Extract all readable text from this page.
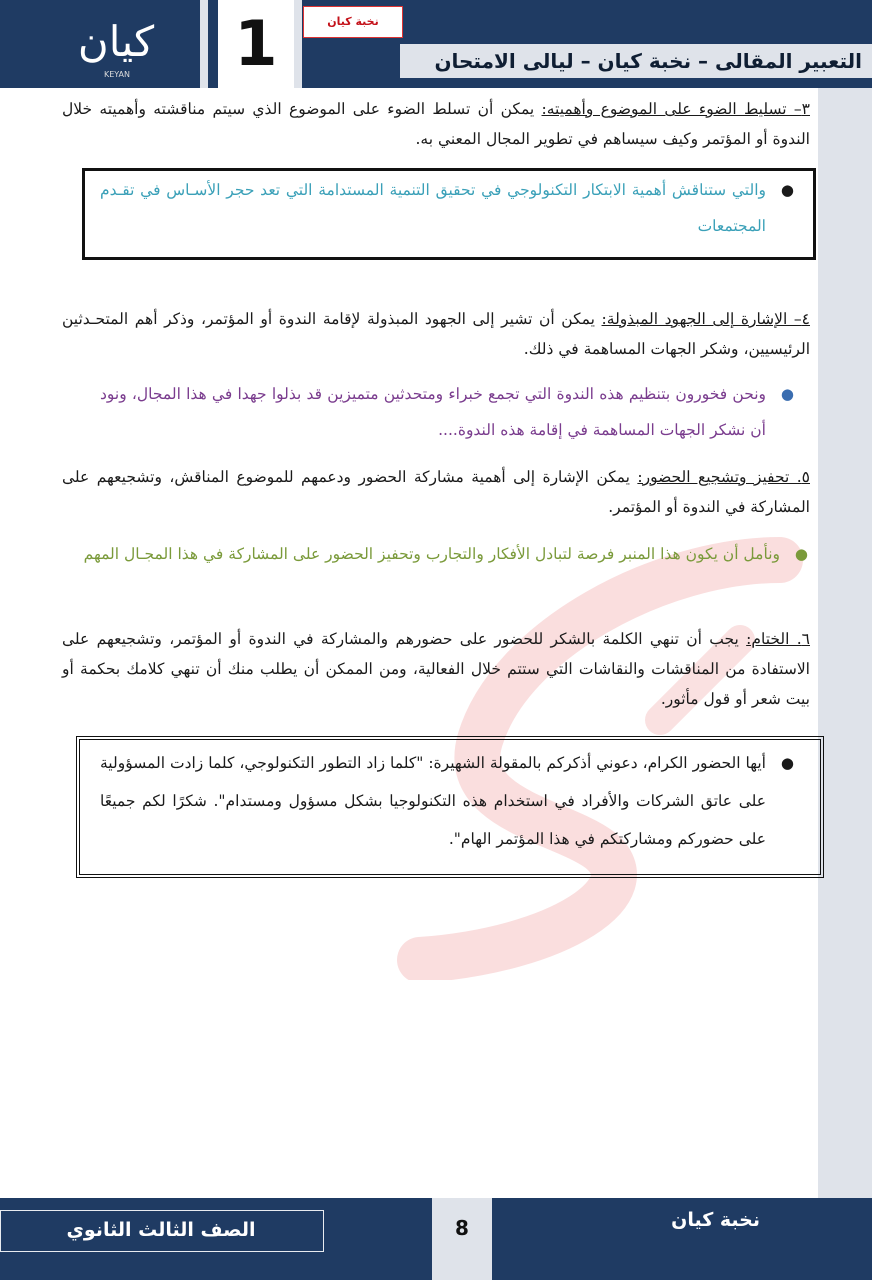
كيان
KEYAN 1	نخبة كيان
التعبير المقالى – نخبة كيان – ليالى الامتحان
٣– تسليط الضوء على الموضوع وأهميته: يمكن أن تسلط الضوء على الموضوع الذي سيتم مناقشته وأهميته خلال الندوة أو المؤتمر وكيف سيساهم في تطوير المجال المعني به.
●
والتي ستناقش أهمية الابتكار التكنولوجي في تحقيق التنمية المستدامة التي تعد حجر الأسـاس في تقـدم المجتمعات
٤– الإشارة إلى الجهود المبذولة: يمكن أن تشير إلى الجهود المبذولة لإقامة الندوة أو المؤتمر، وذكر أهم المتحـدثين الرئيسيين، وشكر الجهات المساهمة في ذلك.
●
ونحن فخورون بتنظيم هذه الندوة التي تجمع خبراء ومتحدثين متميزين قد بذلوا جهدا في هذا المجال، ونود أن نشكر الجهات المساهمة في إقامة هذه الندوة....
٥. تحفيز وتشجيع الحضور: يمكن الإشارة إلى أهمية مشاركة الحضور ودعمهم للموضوع المناقش، وتشجيعهم على المشاركة في الندوة أو المؤتمر.
●
ونأمل أن يكون هذا المنبر فرصة لتبادل الأفكار والتجارب وتحفيز الحضور على المشاركة في هذا المجـال المهم
٦. الختام: يجب أن تنهي الكلمة بالشكر للحضور على حضورهم والمشاركة في الندوة أو المؤتمر، وتشجيعهم على الاستفادة من المناقشات والنقاشات التي ستتم خلال الفعالية، ومن الممكن أن يطلب منك أن تنهي كلامك بحكمة أو بيت شعر أو قول مأثور.
●
أيها الحضور الكرام، دعوني أذكركم بالمقولة الشهيرة: "كلما زاد التطور التكنولوجي، كلما زادت المسؤولية على عاتق الشركات والأفراد في استخدام هذه التكنولوجيا بشكل مسؤول ومستدام". شكرًا لكم جميعًا على حضوركم ومشاركتكم في هذا المؤتمر الهام".
الصف الثالث الثانوي	8	نخبة كيان
